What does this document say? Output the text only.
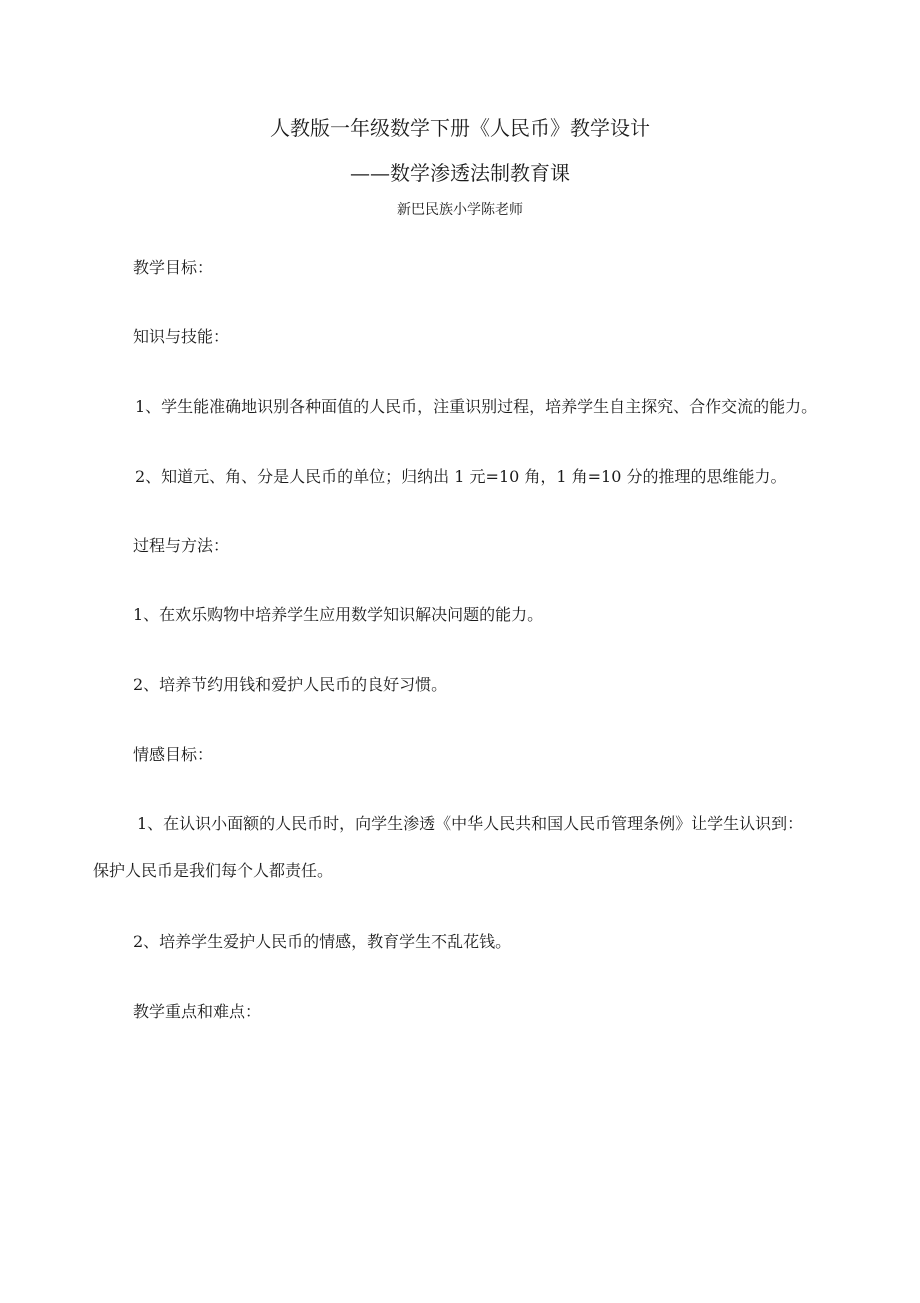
人教版一年级数学下册《人民币》教学设计
——数学渗透法制教育课
新巴民族小学陈老师
教学目标：
知识与技能：
1、学生能准确地识别各种面值的人民币，注重识别过程，培养学生自主探究、合作交流的能力。
2、知道元、角、分是人民币的单位；归纳出 1 元=10 角，1 角=10 分的推理的思维能力。
过程与方法：
1、在欢乐购物中培养学生应用数学知识解决问题的能力。
2、培养节约用钱和爱护人民币的良好习惯。
情感目标：
1、在认识小面额的人民币时，向学生渗透《中华人民共和国人民币管理条例》让学生认识到：
保护人民币是我们每个人都责任。
2、培养学生爱护人民币的情感，教育学生不乱花钱。
教学重点和难点：
